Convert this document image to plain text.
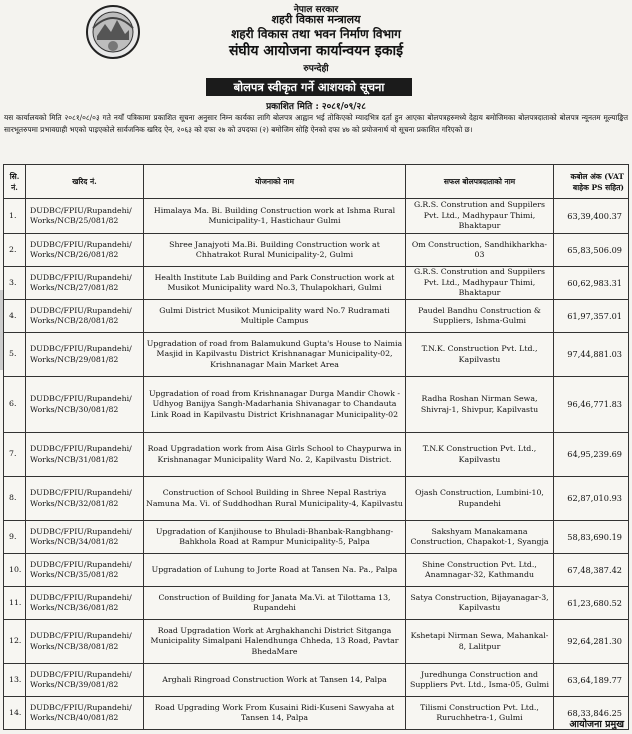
नेपाल सरकार
शहरी विकास मन्त्रालय
शहरी विकास तथा भवन निर्माण विभाग
संघीय आयोजना कार्यान्वयन इकाई
रुपन्देही
बोलपत्र स्वीकृत गर्ने आशयको सूचना
प्रकाशित मिति : २०८१/०९/२८
यस कार्यालयको मिति २०८१/०८/०३ गते नयाँ पत्रिकामा प्रकाशित सूचना अनुसार निम्न कार्यका लागि बोलपत्र आह्वान भई तोकिएको म्यादभित्र दर्ता हुन आएका बोलपत्रहरुमध्ये देहाय बमोजिमका बोलपत्रदाताको बोलपत्र न्यूनतम मूल्याङ्कित सारभूतरुपमा प्रभावग्राही भएको पाइएकोले सार्वजनिक खरिद ऐन, २०६३ को दफा २७ को उपदफा (२) बमोजिम सोहि ऐनको दफा ४७ को प्रयोजनार्थ यो सूचना प्रकाशित गरिएको छ।
सि. नं.	खरिद नं.	योजनाको नाम	सफल बोलपत्रदाताको नाम	कबोल अंक (VAT बाहेक PS सहित)
1.	DUDBC/FPIU/Rupandehi/ Works/NCB/25/081/82	Himalaya Ma. Bi. Building Construction work at Ishma Rural Municipality-1, Hastichaur Gulmi	G.R.S. Constrution and Suppilers Pvt. Ltd., Madhypaur Thimi, Bhaktapur	63,39,400.37
2.	DUDBC/FPIU/Rupandehi/ Works/NCB/26/081/82	Shree Janajyoti Ma.Bi. Building Construction work at Chhatrakot Rural Municipality-2, Gulmi	Om Construction, Sandhikharkha-03	65,83,506.09
3.	DUDBC/FPIU/Rupandehi/ Works/NCB/27/081/82	Health Institute Lab Building and Park Construction work at Musikot Municipality ward No.3, Thulapokhari, Gulmi	G.R.S. Constrution and Suppilers Pvt. Ltd., Madhypaur Thimi, Bhaktapur	60,62,983.31
4.	DUDBC/FPIU/Rupandehi/ Works/NCB/28/081/82	Gulmi District Musikot Municipality ward No.7 Rudramati Multiple Campus	Paudel Bandhu Construction & Suppliers, Ishma-Gulmi	61,97,357.01
5.	DUDBC/FPIU/Rupandehi/ Works/NCB/29/081/82	Upgradation of road from Balamukund Gupta's House to Naimia Masjid in Kapilvastu District Krishnanagar Municipality-02, Krishnanagar Main Market Area	T.N.K. Construction Pvt. Ltd., Kapilvastu	97,44,881.03
6.	DUDBC/FPIU/Rupandehi/ Works/NCB/30/081/82	Upgradation of road from Krishnanagar Durga Mandir Chowk -Udhyog Banijya Sangh-Madarhania Shivanagar to Chandauta Link Road in Kapilvastu District Krishnanagar Municipality-02	Radha Roshan Nirman Sewa, Shivraj-1, Shivpur, Kapilvastu	96,46,771.83
7.	DUDBC/FPIU/Rupandehi/ Works/NCB/31/081/82	Road Upgradation work from Aisa Girls School to Chaypurwa in Krishnanagar Municipality Ward No. 2, Kapilvastu District.	T.N.K Construction Pvt. Ltd., Kapilvastu	64,95,239.69
8.	DUDBC/FPIU/Rupandehi/ Works/NCB/32/081/82	Construction of School Building in Shree Nepal Rastriya Namuna Ma. Vi. of Suddhodhan Rural Municipality-4, Kapilvastu	Ojash Construction, Lumbini-10, Rupandehi	62,87,010.93
9.	DUDBC/FPIU/Rupandehi/ Works/NCB/34/081/82	Upgradation of Kanjihouse to Bhuladi-Bhanbak-Rangbhang-Bahkhola Road at Rampur Municipality-5, Palpa	Sakshyam Manakamana Construction, Chapakot-1, Syangja	58,83,690.19
10.	DUDBC/FPIU/Rupandehi/ Works/NCB/35/081/82	Upgradation of Luhung to Jorte Road at Tansen Na. Pa., Palpa	Shine Construction Pvt. Ltd., Anamnagar-32, Kathmandu	67,48,387.42
11.	DUDBC/FPIU/Rupandehi/ Works/NCB/36/081/82	Construction of Building for Janata Ma.Vi. at Tilottama 13, Rupandehi	Satya Construction, Bijayanagar-3, Kapilvastu	61,23,680.52
12.	DUDBC/FPIU/Rupandehi/ Works/NCB/38/081/82	Road Upgradation Work at Arghakhanchi District Sitganga Municipality Simalpani Halendhunga Chheda, 13 Road, Pavtar BhedaMare	Kshetapi Nirman Sewa, Mahankal-8, Lalitpur	92,64,281.30
13.	DUDBC/FPIU/Rupandehi/ Works/NCB/39/081/82	Arghali Ringroad Construction Work at Tansen 14, Palpa	Juredhunga Construction and Suppliers Pvt. Ltd., Isma-05, Gulmi	63,64,189.77
14.	DUDBC/FPIU/Rupandehi/ Works/NCB/40/081/82	Road Upgrading Work From Kusaini Ridi-Kuseni Sawyaha at Tansen 14, Palpa	Tilismi Construction Pvt. Ltd., Ruruchhetra-1, Gulmi	68,33,846.25
आयोजना प्रमुख
